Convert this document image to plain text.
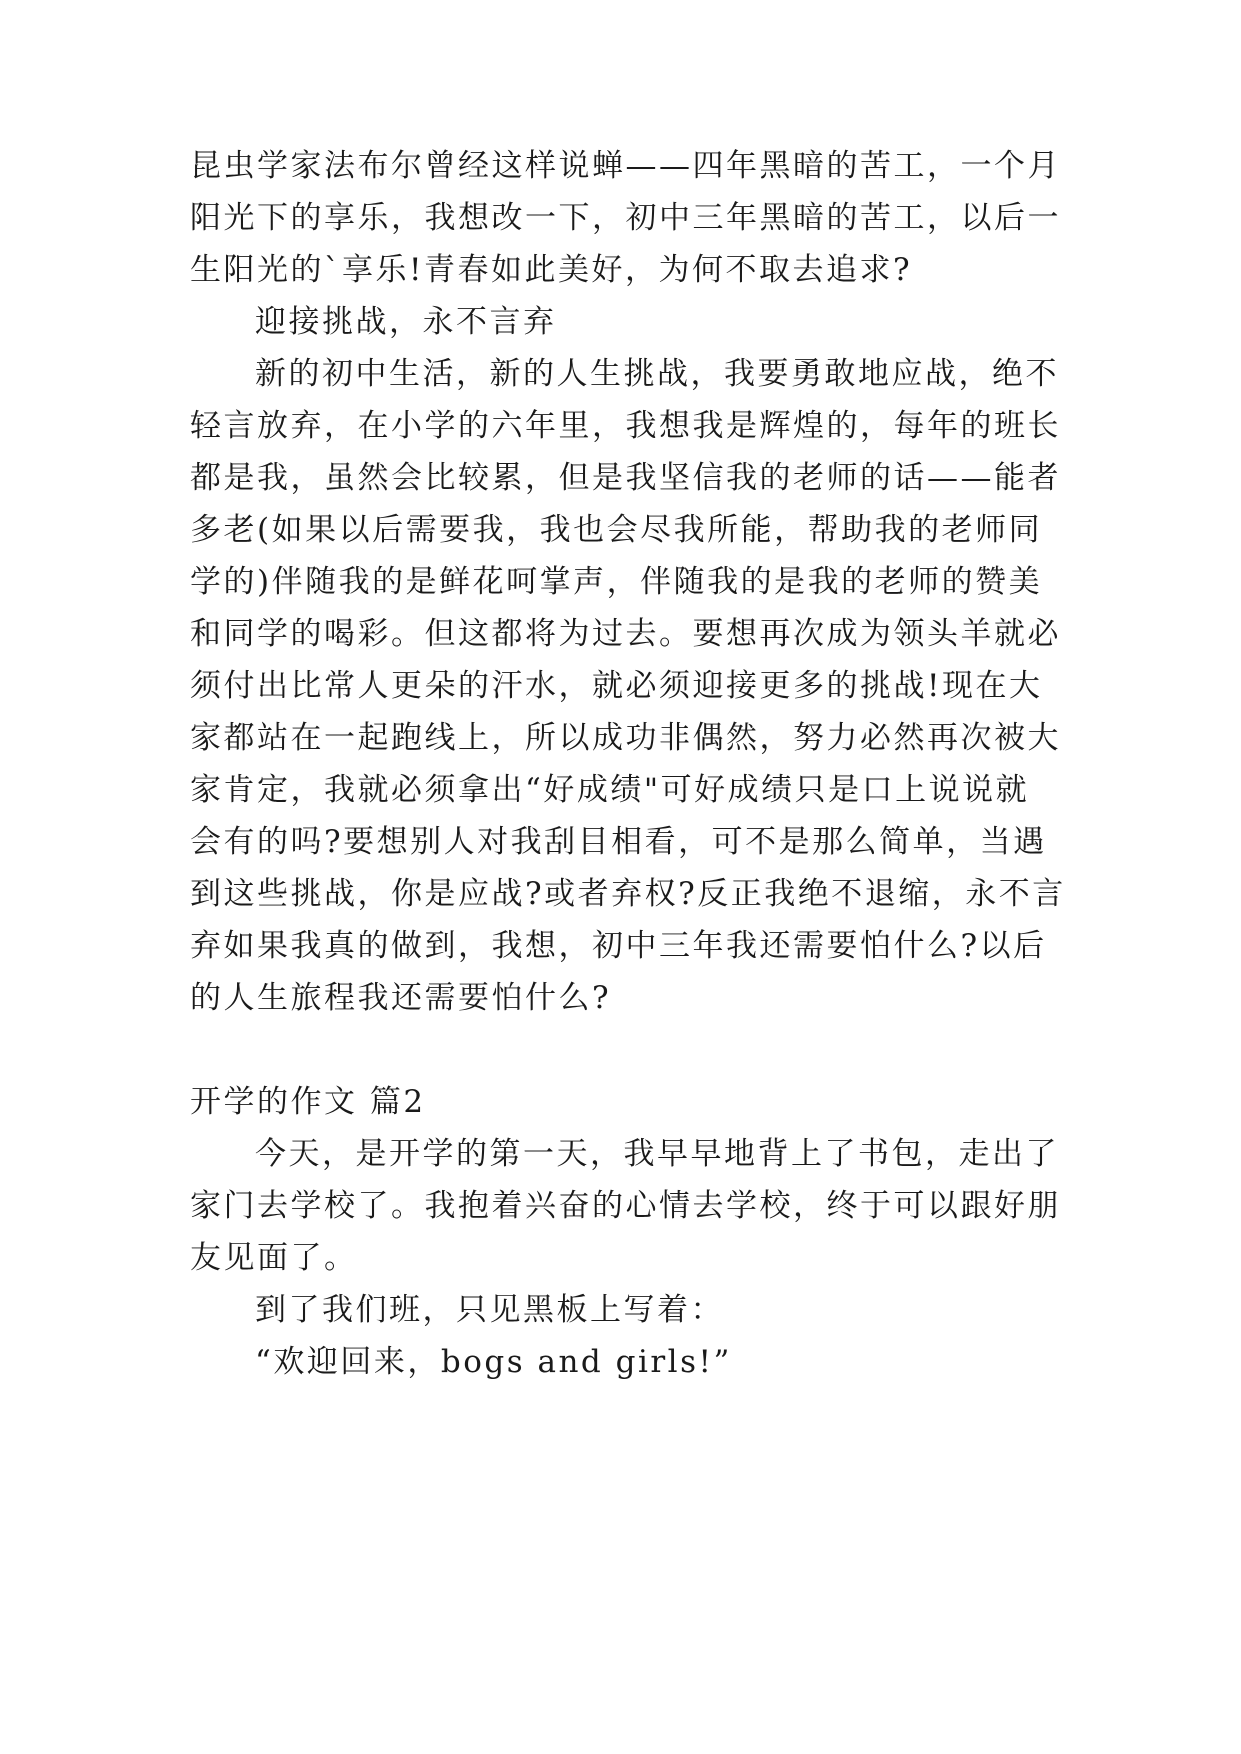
昆虫学家法布尔曾经这样说蝉——四年黑暗的苦工，一个月

阳光下的享乐，我想改一下，初中三年黑暗的苦工，以后一

生阳光的`享乐!青春如此美好，为何不取去追求?

迎接挑战，永不言弃

新的初中生活，新的人生挑战，我要勇敢地应战，绝不

轻言放弃，在小学的六年里，我想我是辉煌的，每年的班长

都是我，虽然会比较累，但是我坚信我的老师的话——能者

多老(如果以后需要我，我也会尽我所能，帮助我的老师同

学的)伴随我的是鲜花呵掌声，伴随我的是我的老师的赞美

和同学的喝彩。但这都将为过去。要想再次成为领头羊就必

须付出比常人更朵的汗水，就必须迎接更多的挑战!现在大

家都站在一起跑线上，所以成功非偶然，努力必然再次被大

家肯定，我就必须拿出“好成绩"可好成绩只是口上说说就

会有的吗?要想别人对我刮目相看，可不是那么简单，当遇

到这些挑战，你是应战?或者弃权?反正我绝不退缩，永不言

弃如果我真的做到，我想，初中三年我还需要怕什么?以后

的人生旅程我还需要怕什么?

开学的作文 篇2

今天，是开学的第一天，我早早地背上了书包，走出了

家门去学校了。我抱着兴奋的心情去学校，终于可以跟好朋

友见面了。

到了我们班，只见黑板上写着：

“欢迎回来，bogs and girls!”
